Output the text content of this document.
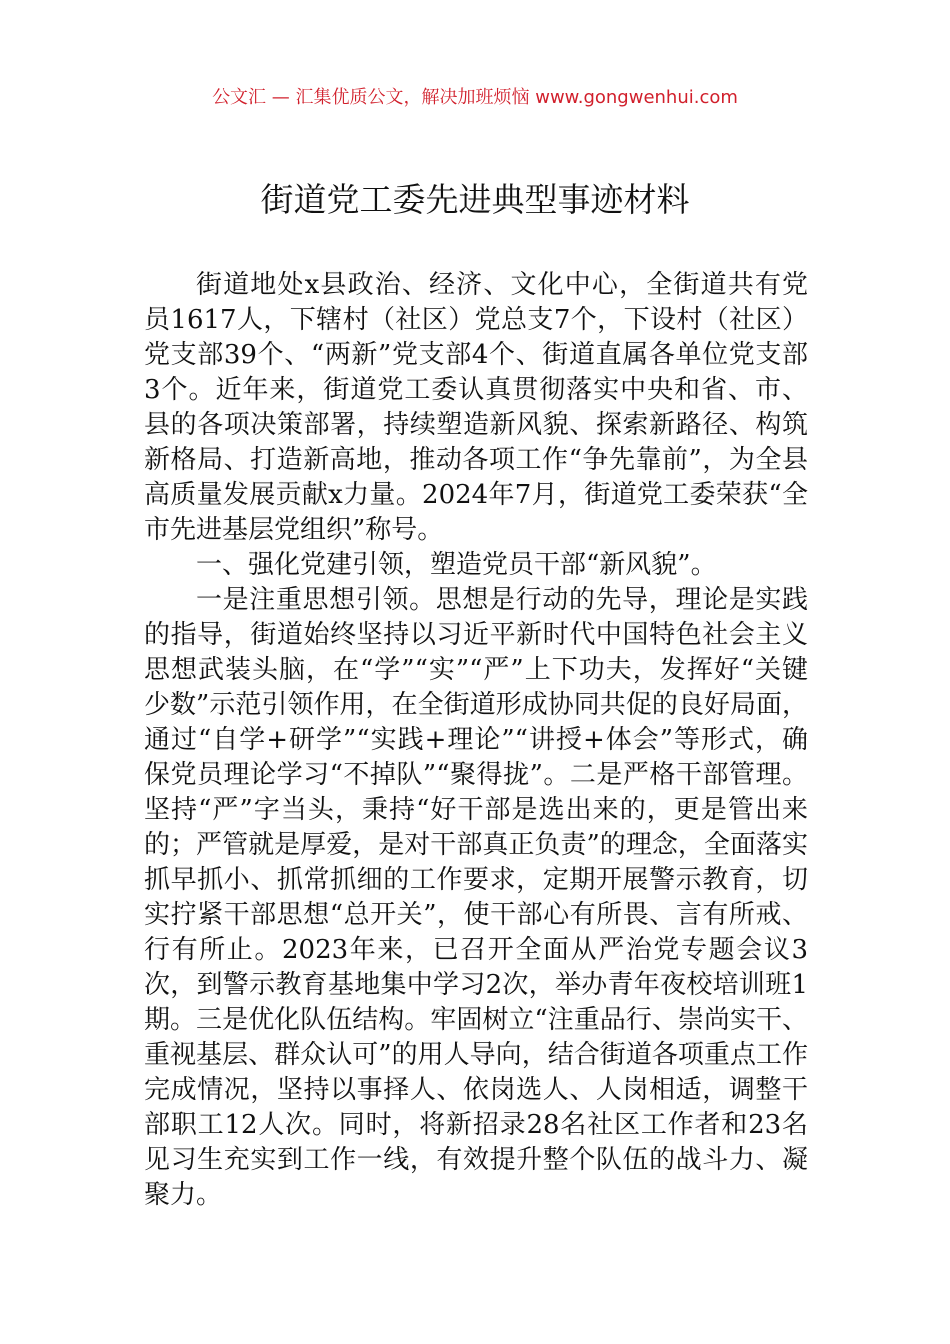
公文汇 — 汇集优质公文，解决加班烦恼 www.gongwenhui.com
街道党工委先进典型事迹材料

街道地处x县政治、经济、文化中心，全街道共有党员1617人，下辖村（社区）党总支7个，下设村（社区）党支部39个、“两新”党支部4个、街道直属各单位党支部3个。近年来，街道党工委认真贯彻落实中央和省、市、县的各项决策部署，持续塑造新风貌、探索新路径、构筑新格局、打造新高地，推动各项工作“争先靠前”，为全县高质量发展贡献x力量。2024年7月，街道党工委荣获“全市先进基层党组织”称号。

一、强化党建引领，塑造党员干部“新风貌”。

一是注重思想引领。思想是行动的先导，理论是实践的指导，街道始终坚持以习近平新时代中国特色社会主义思想武装头脑，在“学”“实”“严”上下功夫，发挥好“关键少数”示范引领作用，在全街道形成协同共促的良好局面，通过“自学+研学”“实践+理论”“讲授+体会”等形式，确保党员理论学习“不掉队”“聚得拢”。二是严格干部管理。坚持“严”字当头，秉持“好干部是选出来的，更是管出来的；严管就是厚爱，是对干部真正负责”的理念，全面落实抓早抓小、抓常抓细的工作要求，定期开展警示教育，切实拧紧干部思想“总开关”，使干部心有所畏、言有所戒、行有所止。2023年来，已召开全面从严治党专题会议3次，到警示教育基地集中学习2次，举办青年夜校培训班1期。三是优化队伍结构。牢固树立“注重品行、崇尚实干、重视基层、群众认可”的用人导向，结合街道各项重点工作完成情况，坚持以事择人、依岗选人、人岗相适，调整干部职工12人次。同时，将新招录28名社区工作者和23名见习生充实到工作一线，有效提升整个队伍的战斗力、凝聚力。
